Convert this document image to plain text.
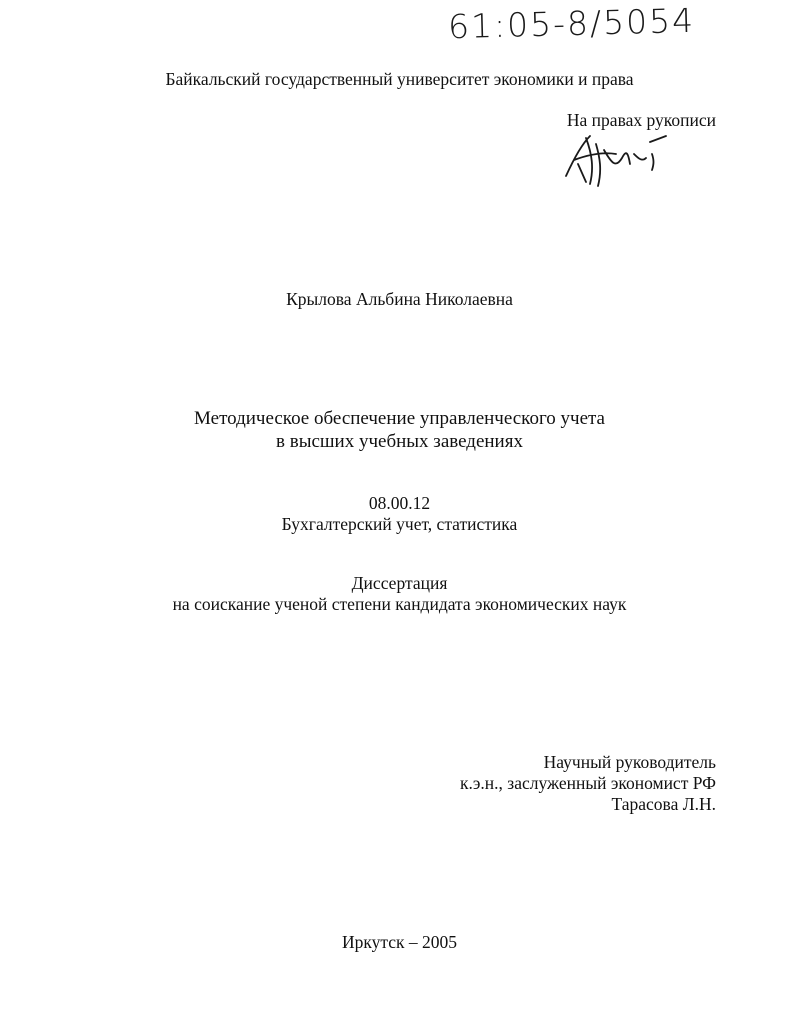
61:05-8/5054
Байкальский государственный университет экономики и права
На правах рукописи
Крылова Альбина Николаевна
Методическое обеспечение управленческого учета
в высших учебных заведениях
08.00.12
Бухгалтерский учет, статистика
Диссертация
на соискание ученой степени кандидата экономических наук
Научный руководитель
к.э.н., заслуженный экономист РФ
Тарасова Л.Н.
Иркутск – 2005
